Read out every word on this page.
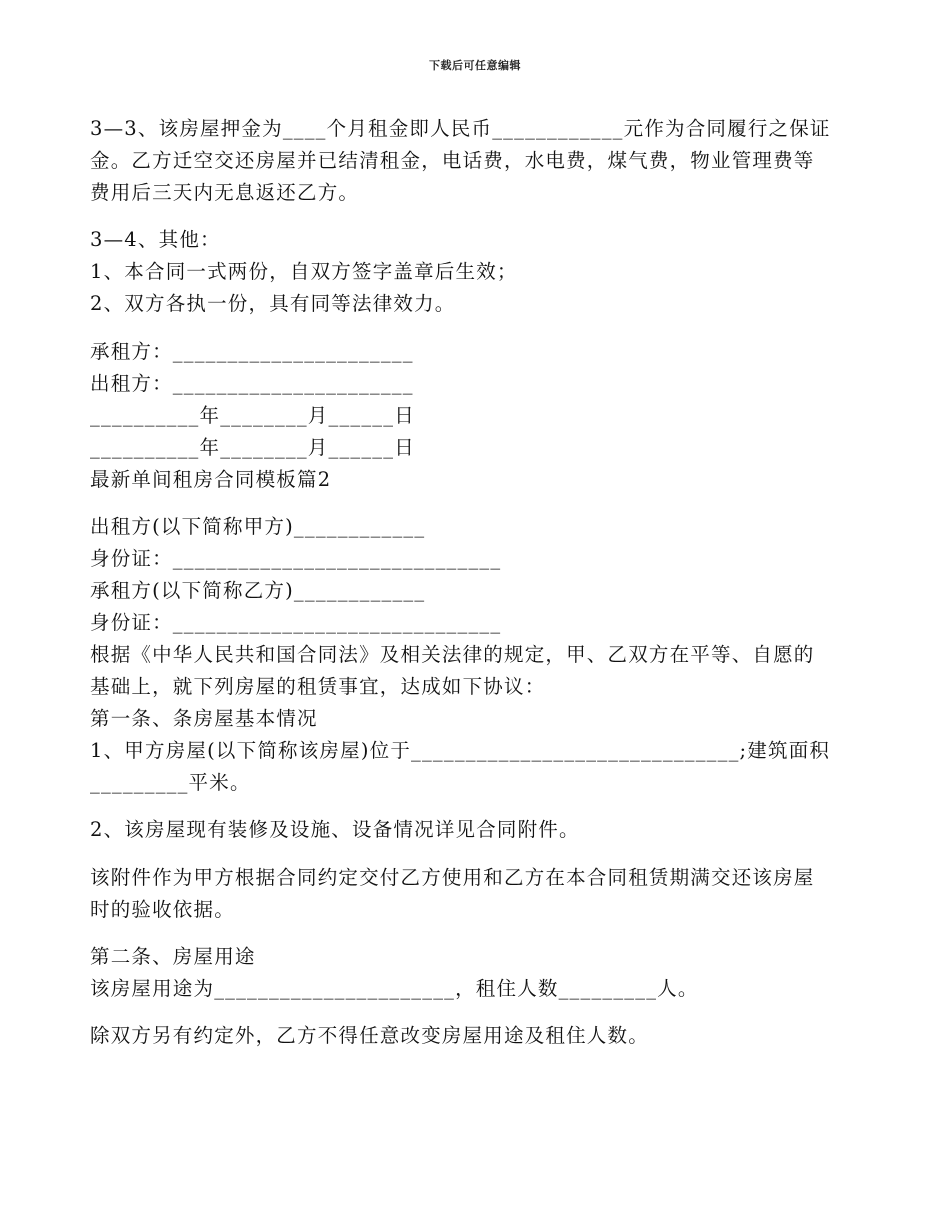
下载后可任意编辑
3—3、该房屋押金为____个月租金即人民币____________元作为合同履行之保证
金。乙方迁空交还房屋并已结清租金，电话费，水电费，煤气费，物业管理费等
费用后三天内无息返还乙方。
3—4、其他：
1、本合同一式两份，自双方签字盖章后生效；
2、双方各执一份，具有同等法律效力。
承租方：______________________
出租方：______________________
__________年________月______日
__________年________月______日
最新单间租房合同模板篇2
出租方(以下简称甲方)____________
身份证：______________________________
承租方(以下简称乙方)____________
身份证：______________________________
根据《中华人民共和国合同法》及相关法律的规定，甲、乙双方在平等、自愿的
基础上，就下列房屋的租赁事宜，达成如下协议：
第一条、条房屋基本情况
1、甲方房屋(以下简称该房屋)位于______________________________;建筑面积
_________平米。
2、该房屋现有装修及设施、设备情况详见合同附件。
该附件作为甲方根据合同约定交付乙方使用和乙方在本合同租赁期满交还该房屋
时的验收依据。
第二条、房屋用途
该房屋用途为______________________，租住人数_________人。
除双方另有约定外，乙方不得任意改变房屋用途及租住人数。
